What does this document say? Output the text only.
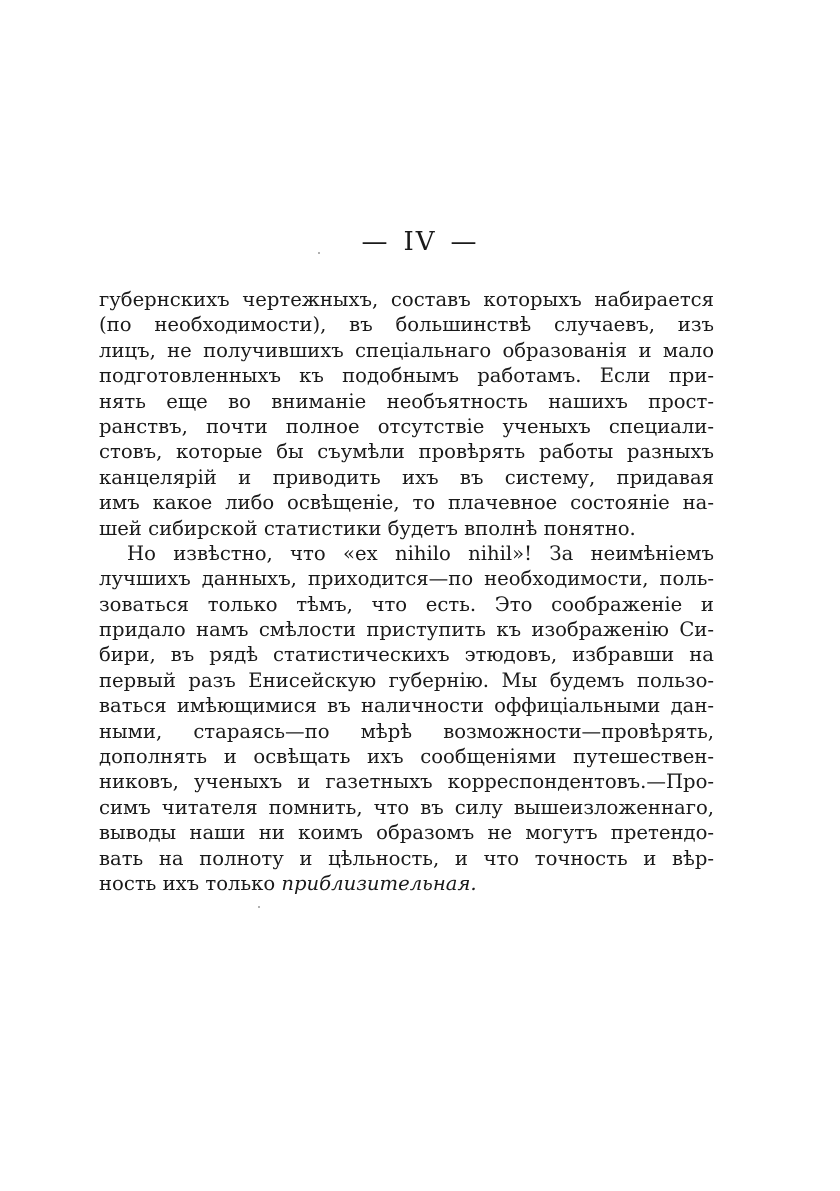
— IV —
губернскихъ чертежныхъ, составъ которыхъ набирается
(по необходимости), въ большинствѣ случаевъ, изъ
лицъ, не получившихъ спеціальнаго образованія и мало
подготовленныхъ къ подобнымъ работамъ. Если при-
нять еще во вниманіе необъятность нашихъ прост-
ранствъ, почти полное отсутствіе ученыхъ специали-
стовъ, которые бы съумѣли провѣрять работы разныхъ
канцелярій и приводить ихъ въ систему, придавая
имъ какое либо освѣщеніе, то плачевное состояніе на-
шей сибирской статистики будетъ вполнѣ понятно.
Но извѣстно, что «ex nihilo nihil»! За неимѣніемъ
лучшихъ данныхъ, приходится—по необходимости, поль-
зоваться только тѣмъ, что есть. Это соображеніе и
придало намъ смѣлости приступить къ изображенію Си-
бири, въ рядѣ статистическихъ этюдовъ, избравши на
первый разъ Енисейскую губернію. Мы будемъ пользо-
ваться имѣющимися въ наличности оффиціальными дан-
ными, стараясь—по мѣрѣ возможности—провѣрять,
дополнять и освѣщать ихъ сообщеніями путешествен-
никовъ, ученыхъ и газетныхъ корреспондентовъ.—Про-
симъ читателя помнить, что въ силу вышеизложеннаго,
выводы наши ни коимъ образомъ не могутъ претендо-
вать на полноту и цѣльность, и что точность и вѣр-
ность ихъ только приблизительная.
